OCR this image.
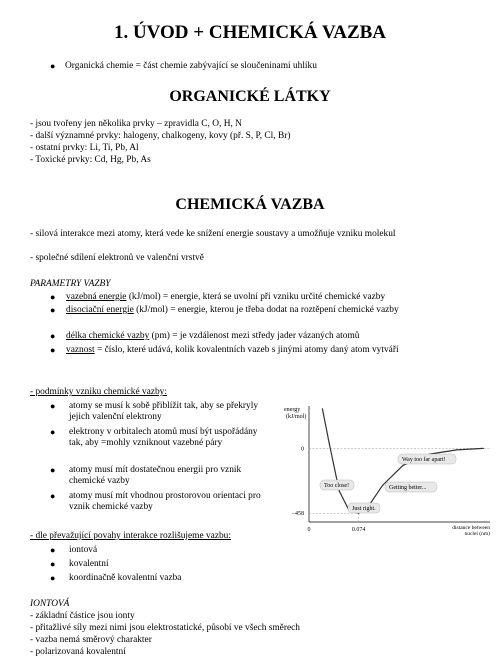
1. ÚVOD + CHEMICKÁ VAZBA
● Organická chemie = část chemie zabývající se sloučeninami uhlíku
ORGANICKÉ LÁTKY
- jsou tvořeny jen několika prvky – zpravidla C, O, H, N
- další významné prvky: halogeny, chalkogeny, kovy (př. S, P, Cl, Br)
- ostatní prvky: Li, Ti, Pb, Al
- Toxické prvky: Cd, Hg, Pb, As
CHEMICKÁ VAZBA
- silová interakce mezi atomy, která vede ke snížení energie soustavy a umožňuje vzniku molekul
- společné sdílení elektronů ve valenční vrstvě
PARAMETRY VAZBY
● vazebná energie (kJ/mol) = energie, která se uvolní při vzniku určité chemické vazby
● disociační energie (kJ/mol) = energie, kterou je třeba dodat na roztěpení chemické vazby
● délka chemické vazby (pm) = je vzdálenost mezi středy jader vázaných atomů
● vaznost = číslo, které udává, kolik kovalentních vazeb s jinými atomy daný atom vytváří
- podmínky vzniku chemické vazby:
● atomy se musí k sobě přiblížit tak, aby se překryly jejich valenční elektrony
● elektrony v orbitalech atomů musí být uspořádány tak, aby =mohly vzniknout vazebné páry
● atomy musí mít dostatečnou energii pro vznik chemické vazby
● atomy musí mít vhodnou prostorovou orientaci pro vznik chemické vazby
energy
(kJ/mol)
0
−458
0	0.074	distance between
nuclei (nm)
Way too far apart!
Too close!	Getting better...
Just right.
- dle převažující povahy interakce rozlišujeme vazbu:
● iontová
● kovalentní
● koordinačně kovalentní vazba
IONTOVÁ
- základní částice jsou ionty
- přitažlivé síly mezi nimi jsou elektrostatické, působí ve všech směrech
- vazba nemá směrový charakter
- polarizovaná kovalentní
